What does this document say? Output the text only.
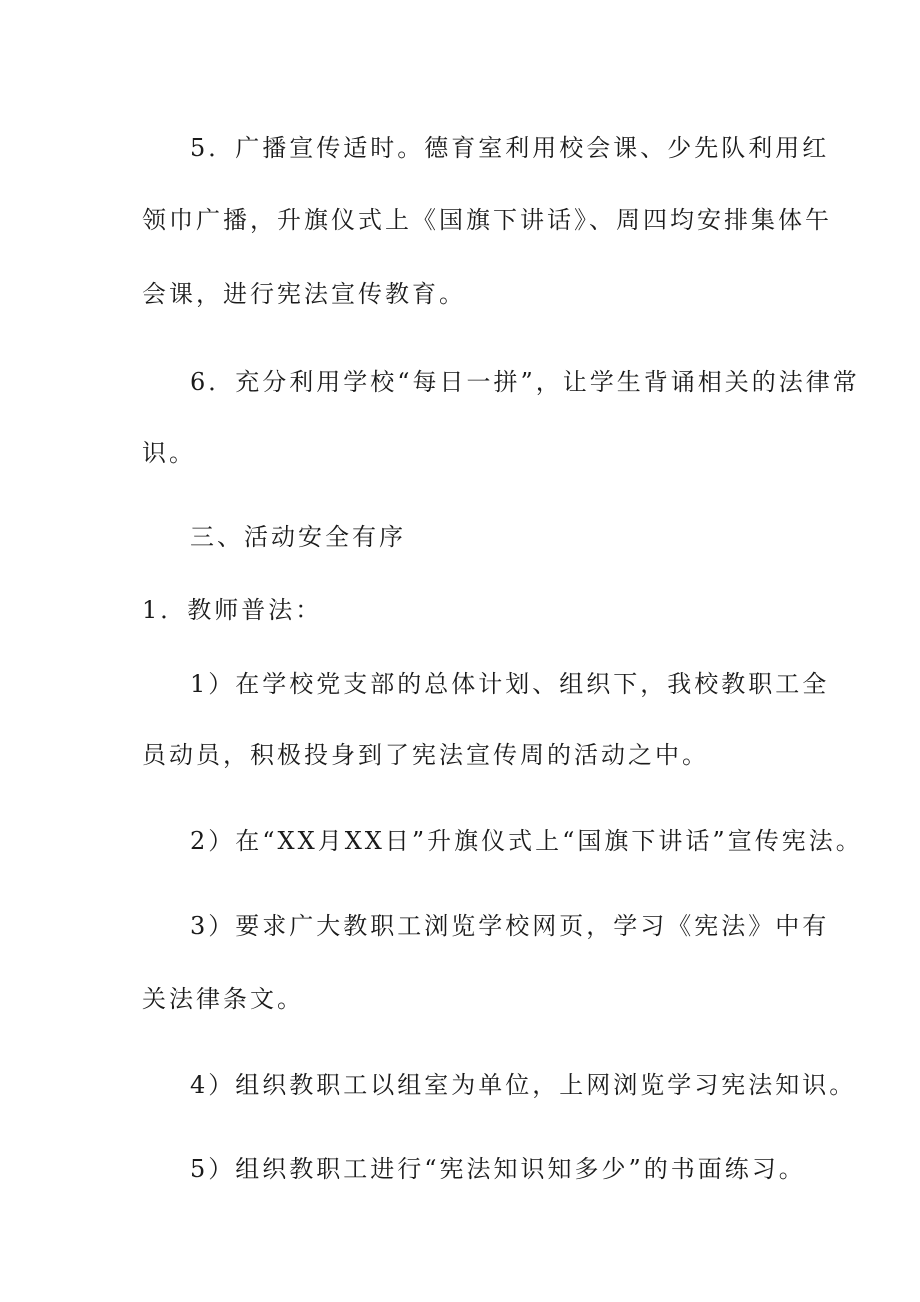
5．广播宣传适时。德育室利用校会课、少先队利用红
领巾广播，升旗仪式上《国旗下讲话》、周四均安排集体午
会课，进行宪法宣传教育。
6．充分利用学校“每日一拼”，让学生背诵相关的法律常
识。
三、活动安全有序
1．教师普法：
1）在学校党支部的总体计划、组织下，我校教职工全
员动员，积极投身到了宪法宣传周的活动之中。
2）在“XX月XX日”升旗仪式上“国旗下讲话”宣传宪法。
3）要求广大教职工浏览学校网页，学习《宪法》中有
关法律条文。
4）组织教职工以组室为单位，上网浏览学习宪法知识。
5）组织教职工进行“宪法知识知多少”的书面练习。
